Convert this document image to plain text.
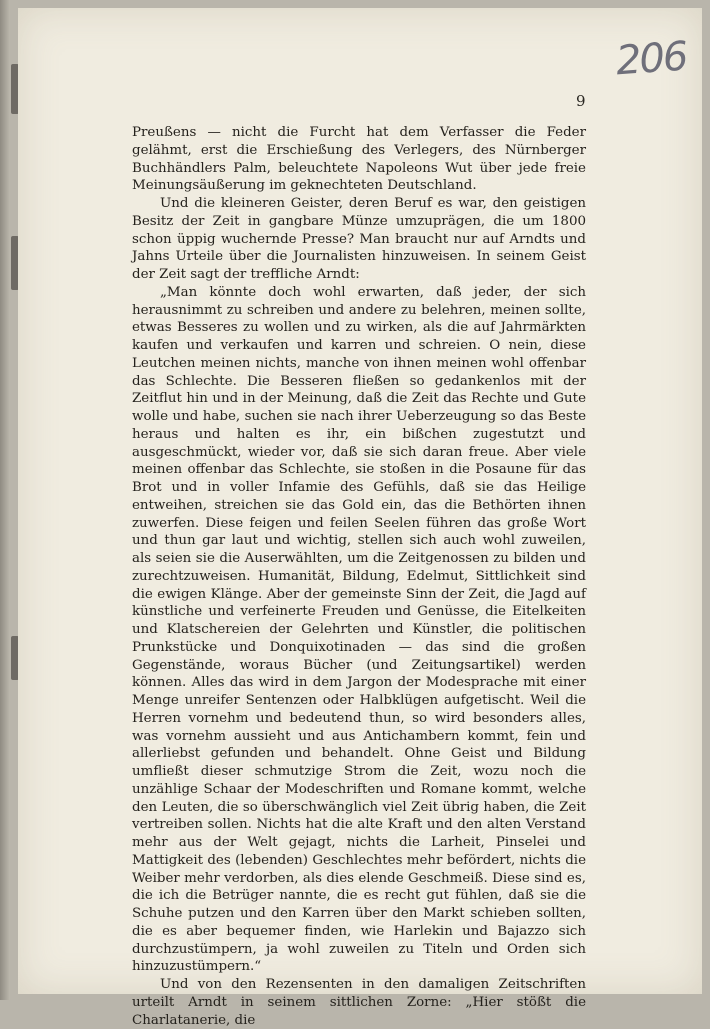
206
9

Preußens — nicht die Furcht hat dem Verfasser die Feder gelähmt, erst die Erschießung des Verlegers, des Nürnberger Buchhändlers Palm, beleuchtete Napoleons Wut über jede freie Meinungsäußerung im geknechteten Deutschland.

Und die kleineren Geister, deren Beruf es war, den geistigen Besitz der Zeit in gangbare Münze umzuprägen, die um 1800 schon üppig wuchernde Presse? Man braucht nur auf Arndts und Jahns Urteile über die Journalisten hinzuweisen. In seinem Geist der Zeit sagt der treffliche Arndt:

„Man könnte doch wohl erwarten, daß jeder, der sich herausnimmt zu schreiben und andere zu belehren, meinen sollte, etwas Besseres zu wollen und zu wirken, als die auf Jahrmärkten kaufen und verkaufen und karren und schreien. O nein, diese Leutchen meinen nichts, manche von ihnen meinen wohl offenbar das Schlechte. Die Besseren fließen so gedankenlos mit der Zeitflut hin und in der Meinung, daß die Zeit das Rechte und Gute wolle und habe, suchen sie nach ihrer Ueberzeugung so das Beste heraus und halten es ihr, ein bißchen zugestutzt und ausgeschmückt, wieder vor, daß sie sich daran freue. Aber viele meinen offenbar das Schlechte, sie stoßen in die Posaune für das Brot und in voller Infamie des Gefühls, daß sie das Heilige entweihen, streichen sie das Gold ein, das die Bethörten ihnen zuwerfen. Diese feigen und feilen Seelen führen das große Wort und thun gar laut und wichtig, stellen sich auch wohl zuweilen, als seien sie die Auserwählten, um die Zeitgenossen zu bilden und zurechtzuweisen. Humanität, Bildung, Edelmut, Sittlichkeit sind die ewigen Klänge. Aber der gemeinste Sinn der Zeit, die Jagd auf künstliche und verfeinerte Freuden und Genüsse, die Eitelkeiten und Klatschereien der Gelehrten und Künstler, die politischen Prunkstücke und Donquixotinaden — das sind die großen Gegenstände, woraus Bücher (und Zeitungsartikel) werden können. Alles das wird in dem Jargon der Modesprache mit einer Menge unreifer Sentenzen oder Halbklügen aufgetischt. Weil die Herren vornehm und bedeutend thun, so wird besonders alles, was vornehm aussieht und aus Antichambern kommt, fein und allerliebst gefunden und behandelt. Ohne Geist und Bildung umfließt dieser schmutzige Strom die Zeit, wozu noch die unzählige Schaar der Modeschriften und Romane kommt, welche den Leuten, die so überschwänglich viel Zeit übrig haben, die Zeit vertreiben sollen. Nichts hat die alte Kraft und den alten Verstand mehr aus der Welt gejagt, nichts die Larheit, Pinselei und Mattigkeit des (lebenden) Geschlechtes mehr befördert, nichts die Weiber mehr verdorben, als dies elende Geschmeiß. Diese sind es, die ich die Betrüger nannte, die es recht gut fühlen, daß sie die Schuhe putzen und den Karren über den Markt schieben sollten, die es aber bequemer finden, wie Harlekin und Bajazzo sich durchzustümpern, ja wohl zuweilen zu Titeln und Orden sich hinzuzustümpern.“

Und von den Rezensenten in den damaligen Zeitschriften urteilt Arndt in seinem sittlichen Zorne: „Hier stößt die Charlatanerie, die
